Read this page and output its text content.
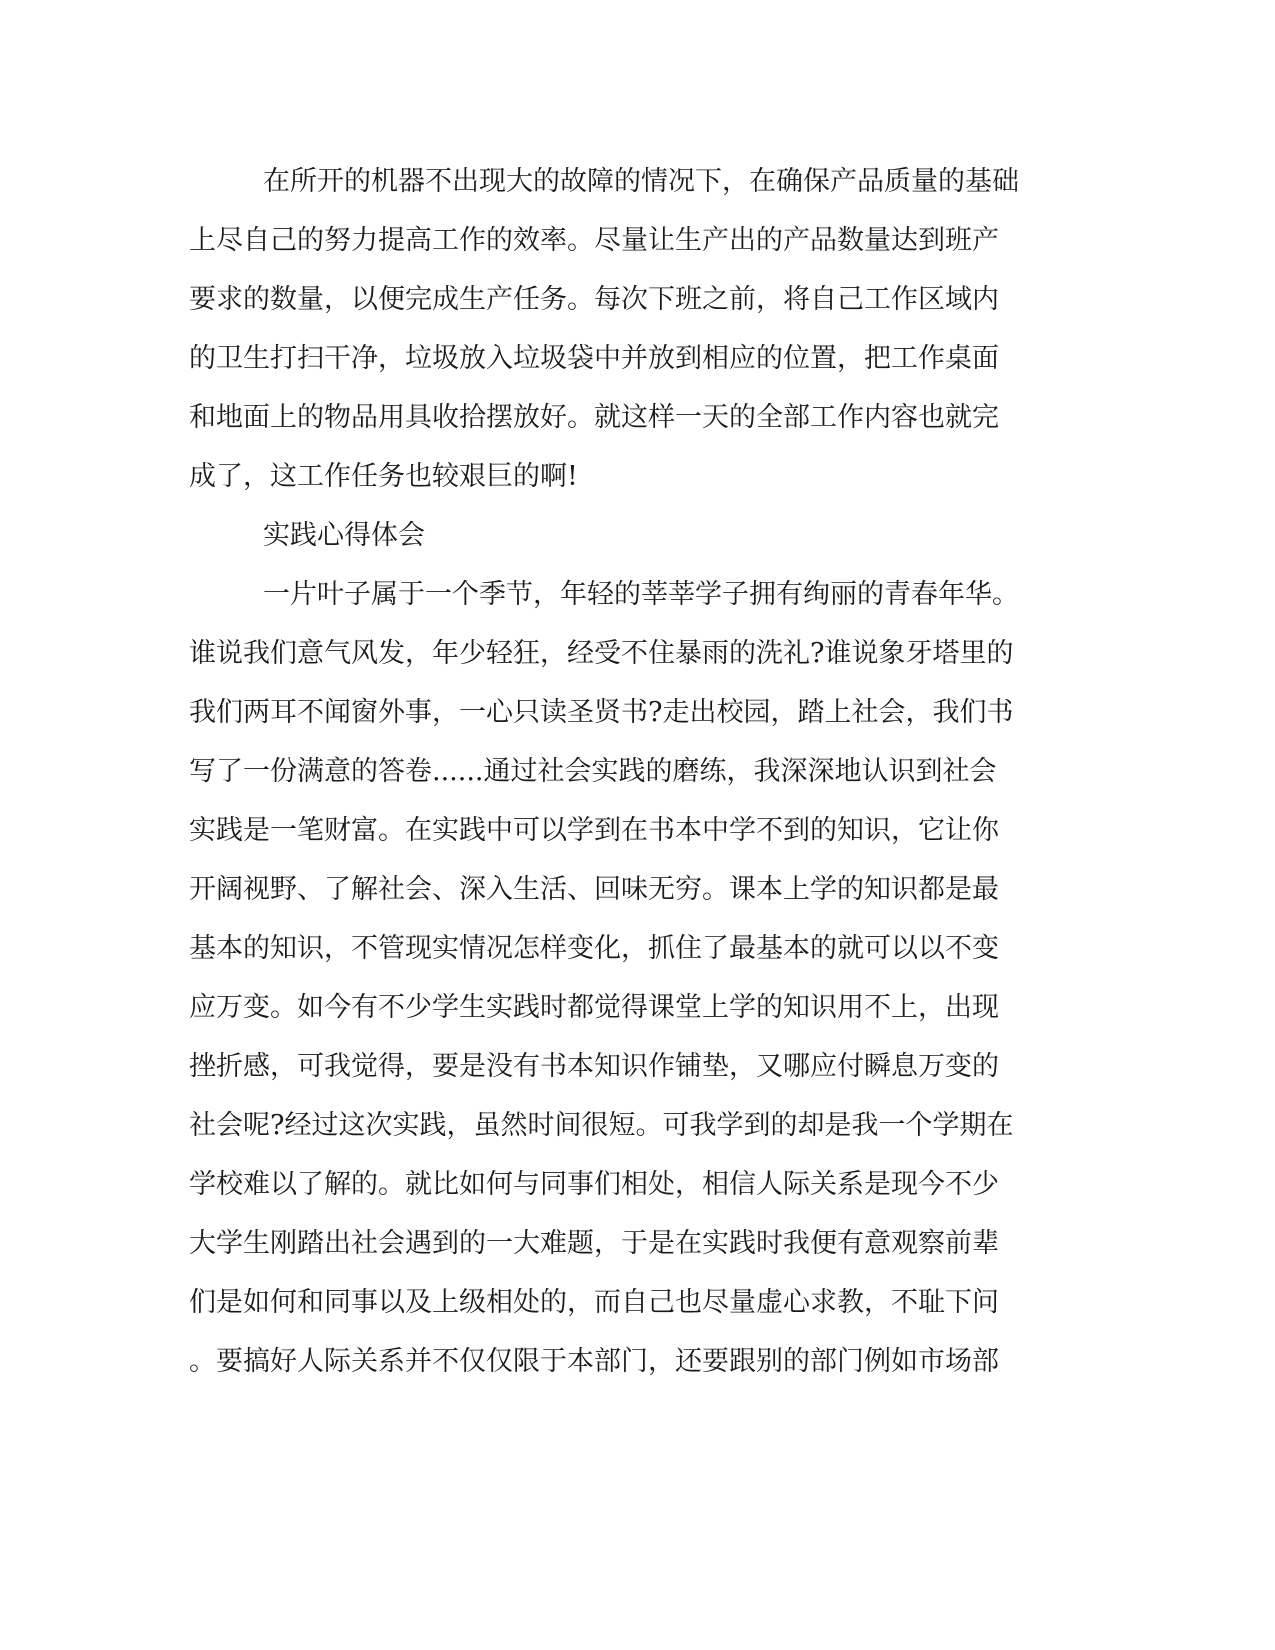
在所开的机器不出现大的故障的情况下，在确保产品质量的基础
上尽自己的努力提高工作的效率。尽量让生产出的产品数量达到班产
要求的数量，以便完成生产任务。每次下班之前，将自己工作区域内
的卫生打扫干净，垃圾放入垃圾袋中并放到相应的位置，把工作桌面
和地面上的物品用具收拾摆放好。就这样一天的全部工作内容也就完
成了，这工作任务也较艰巨的啊!
实践心得体会
一片叶子属于一个季节，年轻的莘莘学子拥有绚丽的青春年华。
谁说我们意气风发，年少轻狂，经受不住暴雨的洗礼?谁说象牙塔里的
我们两耳不闻窗外事，一心只读圣贤书?走出校园，踏上社会，我们书
写了一份满意的答卷......通过社会实践的磨练，我深深地认识到社会
实践是一笔财富。在实践中可以学到在书本中学不到的知识，它让你
开阔视野、了解社会、深入生活、回味无穷。课本上学的知识都是最
基本的知识，不管现实情况怎样变化，抓住了最基本的就可以以不变
应万变。如今有不少学生实践时都觉得课堂上学的知识用不上，出现
挫折感，可我觉得，要是没有书本知识作铺垫，又哪应付瞬息万变的
社会呢?经过这次实践，虽然时间很短。可我学到的却是我一个学期在
学校难以了解的。就比如何与同事们相处，相信人际关系是现今不少
大学生刚踏出社会遇到的一大难题，于是在实践时我便有意观察前辈
们是如何和同事以及上级相处的，而自己也尽量虚心求教，不耻下问
。要搞好人际关系并不仅仅限于本部门，还要跟别的部门例如市场部
